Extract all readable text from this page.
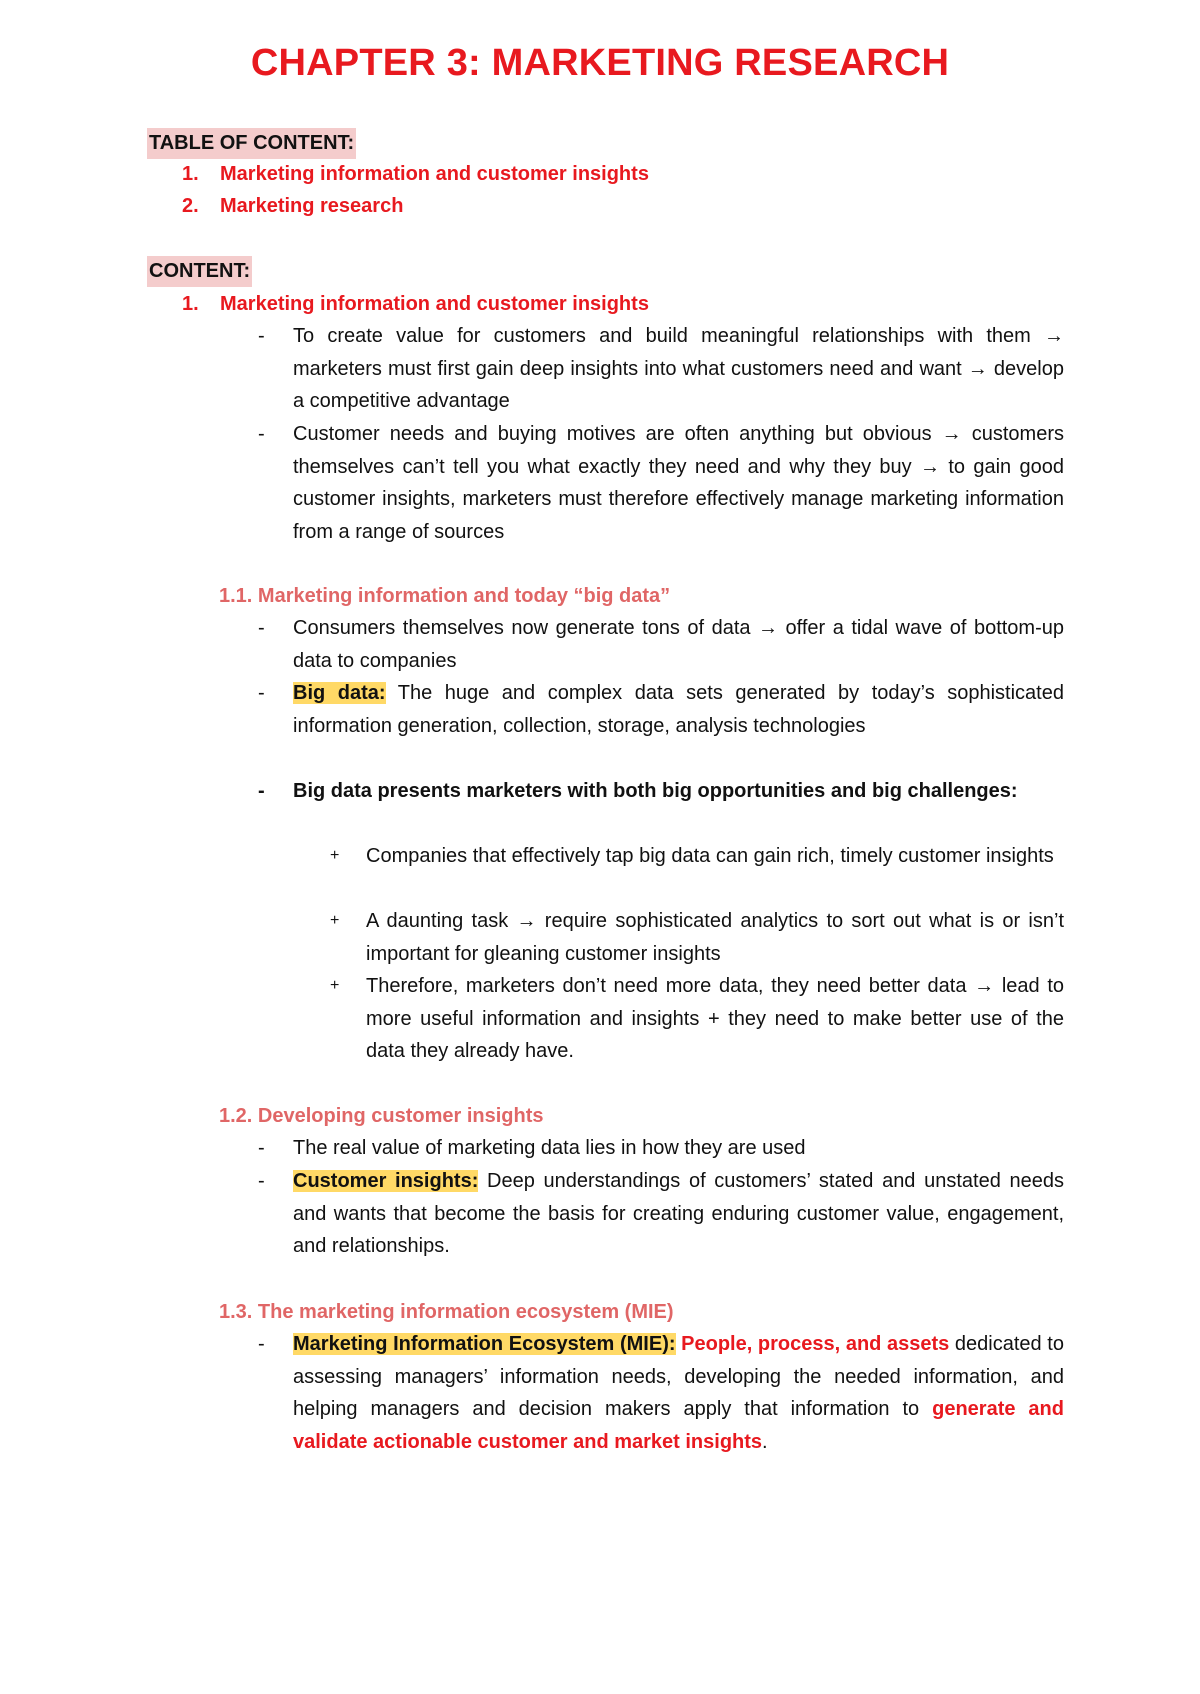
CHAPTER 3: MARKETING RESEARCH
TABLE OF CONTENT:
1. Marketing information and customer insights
2. Marketing research
CONTENT:
1. Marketing information and customer insights
-	To create value for customers and build meaningful relationships with them → marketers must first gain deep insights into what customers need and want → develop a competitive advantage
-	Customer needs and buying motives are often anything but obvious → customers themselves can’t tell you what exactly they need and why they buy → to gain good customer insights, marketers must therefore effectively manage marketing information from a range of sources
1.1. Marketing information and today “big data”
-	Consumers themselves now generate tons of data → offer a tidal wave of bottom-up data to companies
-	Big data: The huge and complex data sets generated by today’s sophisticated information generation, collection, storage, analysis technologies
-	Big data presents marketers with both big opportunities and big challenges:
+ Companies that effectively tap big data can gain rich, timely customer insights
+ A daunting task → require sophisticated analytics to sort out what is or isn’t important for gleaning customer insights
+ Therefore, marketers don’t need more data, they need better data → lead to more useful information and insights + they need to make better use of the data they already have.
1.2. Developing customer insights
-	The real value of marketing data lies in how they are used
-	Customer insights: Deep understandings of customers’ stated and unstated needs and wants that become the basis for creating enduring customer value, engagement, and relationships.
1.3. The marketing information ecosystem (MIE)
-	Marketing Information Ecosystem (MIE): People, process, and assets dedicated to assessing managers’ information needs, developing the needed information, and helping managers and decision makers apply that information to generate and validate actionable customer and market insights.
